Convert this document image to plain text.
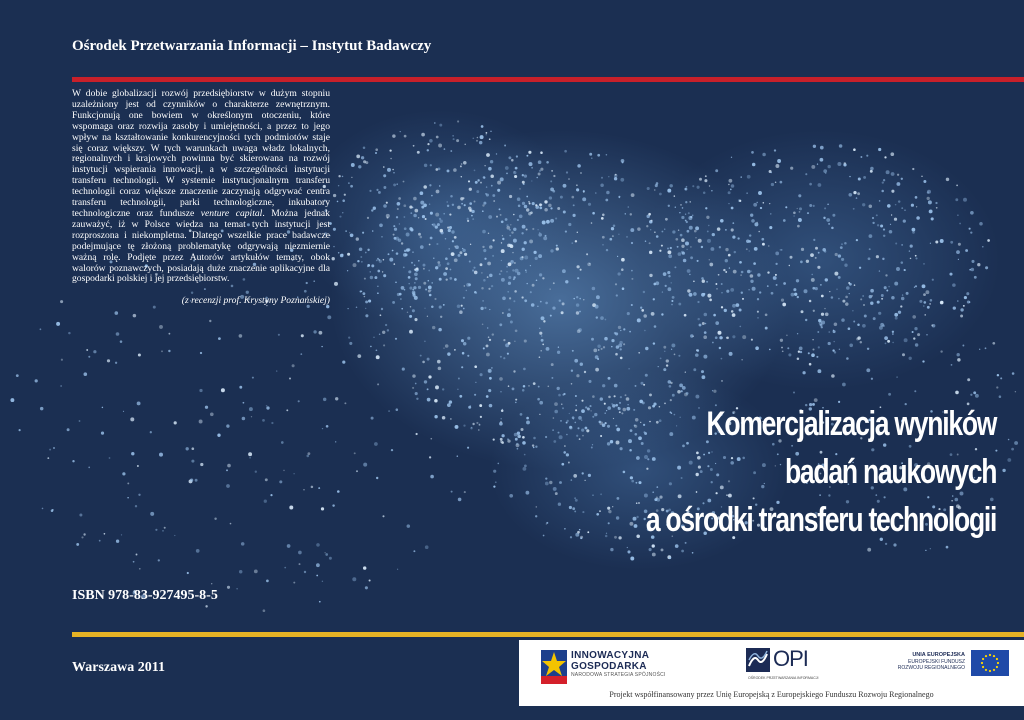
Ośrodek Przetwarzania Informacji – Instytut Badawczy
W dobie globalizacji rozwój przedsiębiorstw w dużym stopniu uzależniony jest od czynników o charakterze zewnętrznym. Funkcjonują one bowiem w określonym otoczeniu, które wspomaga oraz rozwija zasoby i umiejętności, a przez to jego wpływ na kształtowanie konkurencyjności tych podmiotów staje się coraz większy. W tych warunkach uwaga władz lokalnych, regionalnych i krajowych powinna być skierowana na rozwój instytucji wspierania innowacji, a w szczególności instytucji transferu technologii. W systemie instytucjonalnym transferu technologii coraz większe znaczenie zaczynają odgrywać centra transferu technologii, parki technologiczne, inkubatory technologiczne oraz fundusze venture capital. Można jednak zauważyć, iż w Polsce wiedza na temat tych instytucji jest rozproszona i niekompletna. Dlatego wszelkie prace badawcze podejmujące tę złożoną problematykę odgrywają niezmiernie ważną rolę. Podjęte przez Autorów artykułów tematy, obok walorów poznawczych, posiadają duże znaczenie aplikacyjne dla gospodarki polskiej i jej przedsiębiorstw.
(z recenzji prof. Krystyny Poznańskiej)
Komercjalizacja wyników
badań naukowych
a ośrodki transferu technologii
ISBN 978-83-927495-8-5
Warszawa 2011
INNOWACYJNA
GOSPODARKA
NARODOWA STRATEGIA SPÓJNOŚCI
OPI
OŚRODEK PRZETWARZANIA INFORMACJI
UNIA EUROPEJSKA
EUROPEJSKI FUNDUSZ
ROZWOJU REGIONALNEGO
Projekt współfinansowany przez Unię Europejską z Europejskiego Funduszu Rozwoju Regionalnego
